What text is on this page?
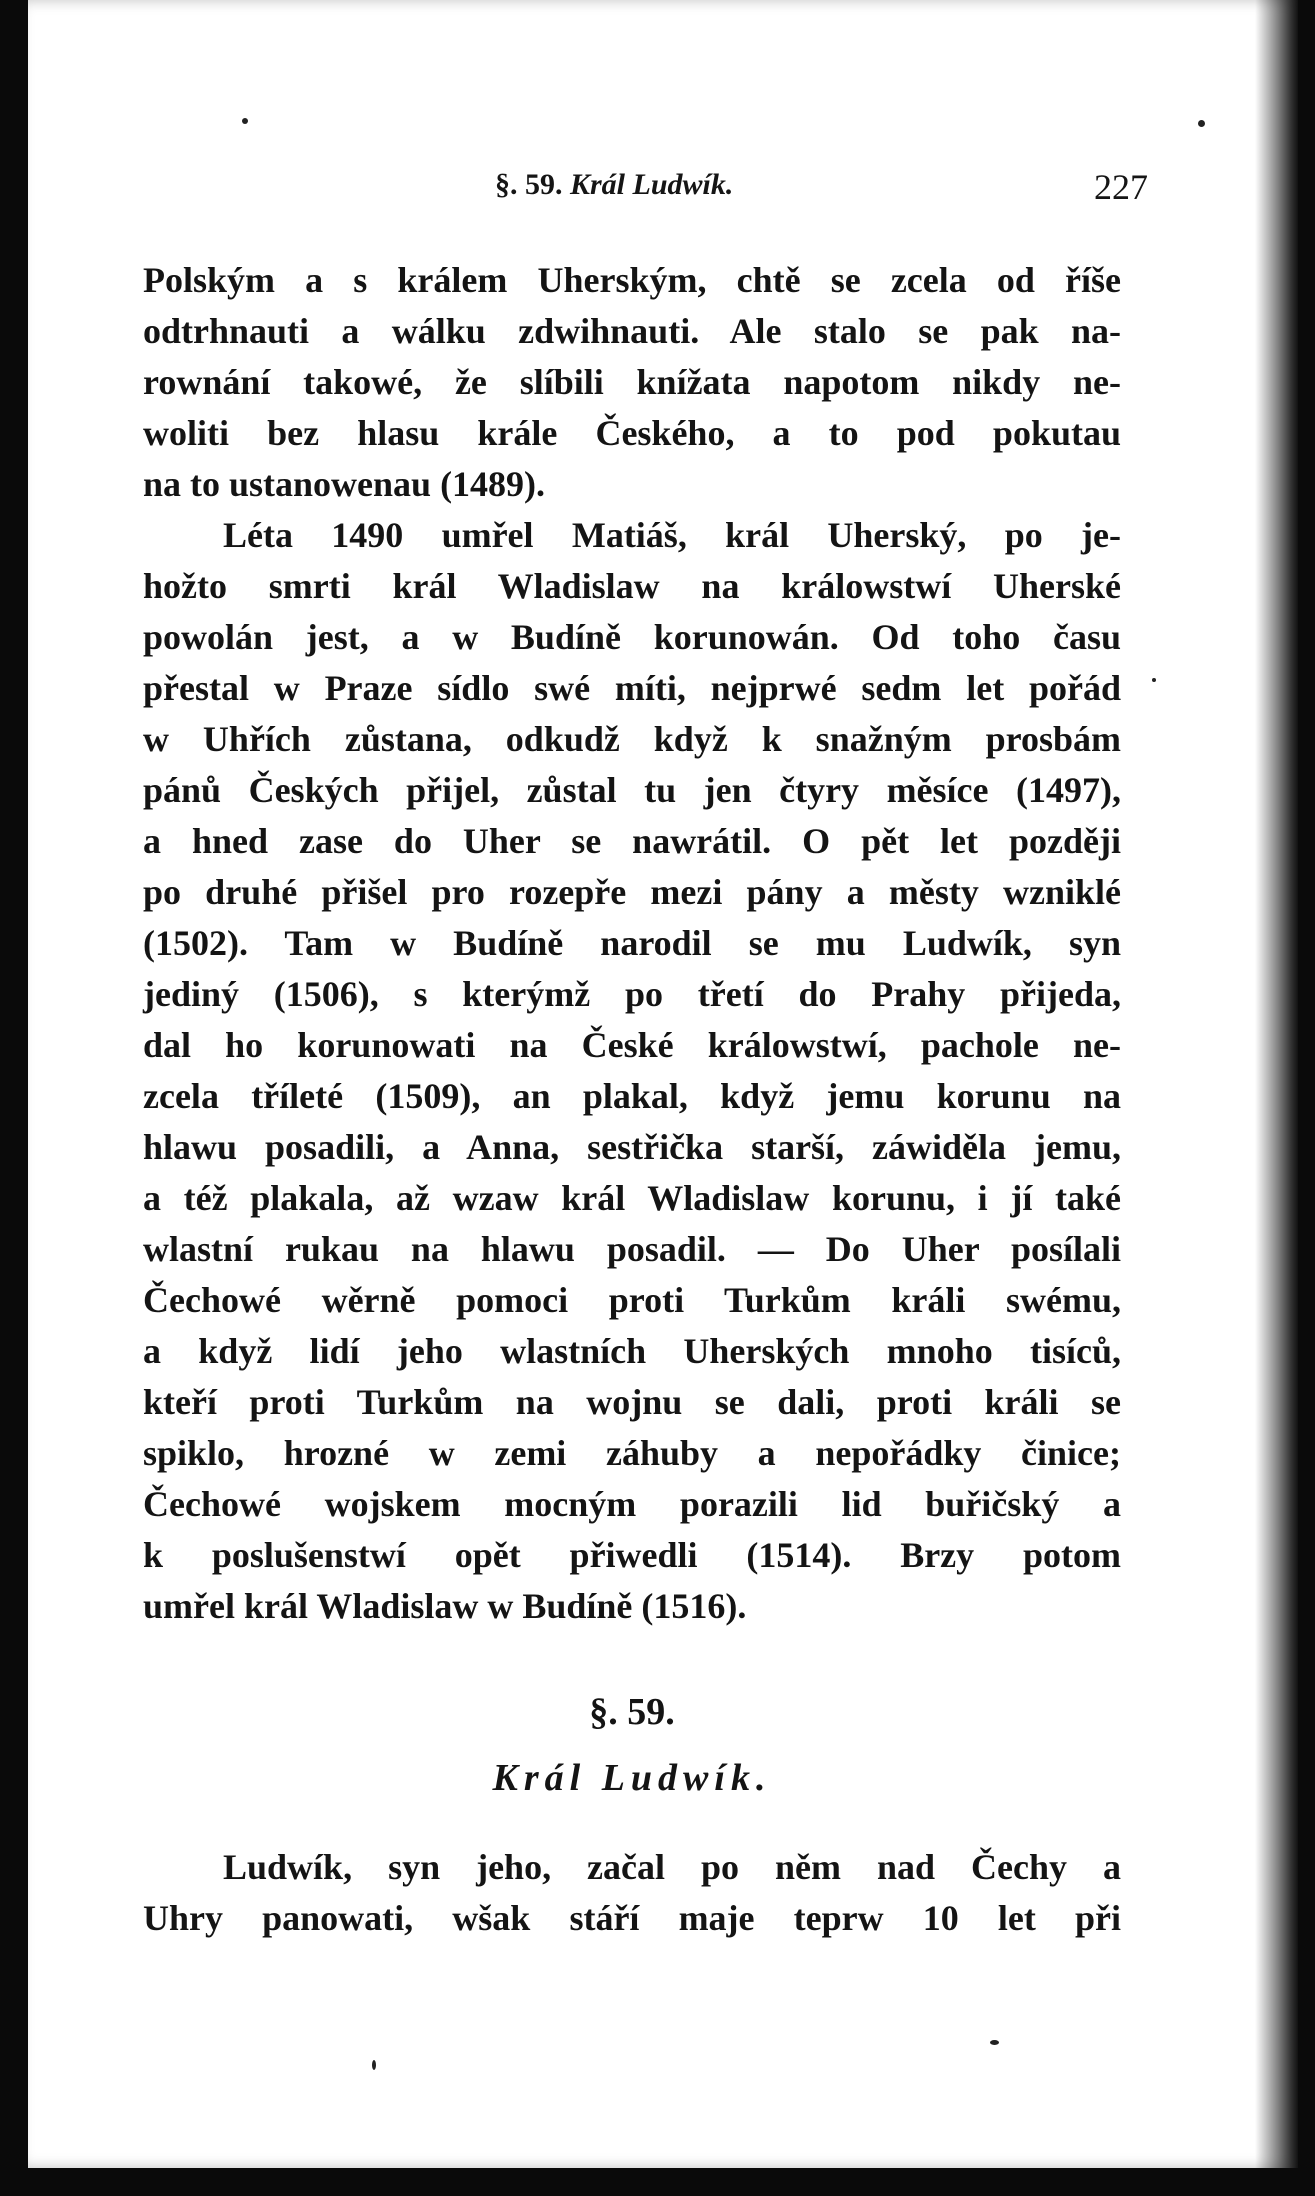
§. 59. Král Ludwík.	227
Polským a s králem Uherským, chtě se zcela od říše
odtrhnauti a wálku zdwihnauti. Ale stalo se pak na-
rownání takowé, že slíbili knížata napotom nikdy ne-
woliti bez hlasu krále Českého, a to pod pokutau
na to ustanowenau (1489).
Léta 1490 umřel Matiáš, král Uherský, po je-
hožto smrti král Wladislaw na králowstwí Uherské
powolán jest, a w Budíně korunowán. Od toho času
přestal w Praze sídlo swé míti, nejprwé sedm let pořád
w Uhřích zůstana, odkudž když k snažným prosbám
pánů Českých přijel, zůstal tu jen čtyry měsíce (1497),
a hned zase do Uher se nawrátil. O pět let později
po druhé přišel pro rozepře mezi pány a městy wzniklé
(1502). Tam w Budíně narodil se mu Ludwík, syn
jediný (1506), s kterýmž po třetí do Prahy přijeda,
dal ho korunowati na České králowstwí, pachole ne-
zcela tříleté (1509), an plakal, když jemu korunu na
hlawu posadili, a Anna, sestřička starší, záwiděla jemu,
a též plakala, až wzaw král Wladislaw korunu, i jí také
wlastní rukau na hlawu posadil. — Do Uher posílali
Čechowé wěrně pomoci proti Turkům králi swému,
a když lidí jeho wlastních Uherských mnoho tisíců,
kteří proti Turkům na wojnu se dali, proti králi se
spiklo, hrozné w zemi záhuby a nepořádky činice;
Čechowé wojskem mocným porazili lid buřičský a
k poslušenstwí opět přiwedli (1514). Brzy potom
umřel král Wladislaw w Budíně (1516).
§. 59.
Král Ludwík.
Ludwík, syn jeho, začal po něm nad Čechy a
Uhry panowati, wšak stáří maje teprw 10 let při
